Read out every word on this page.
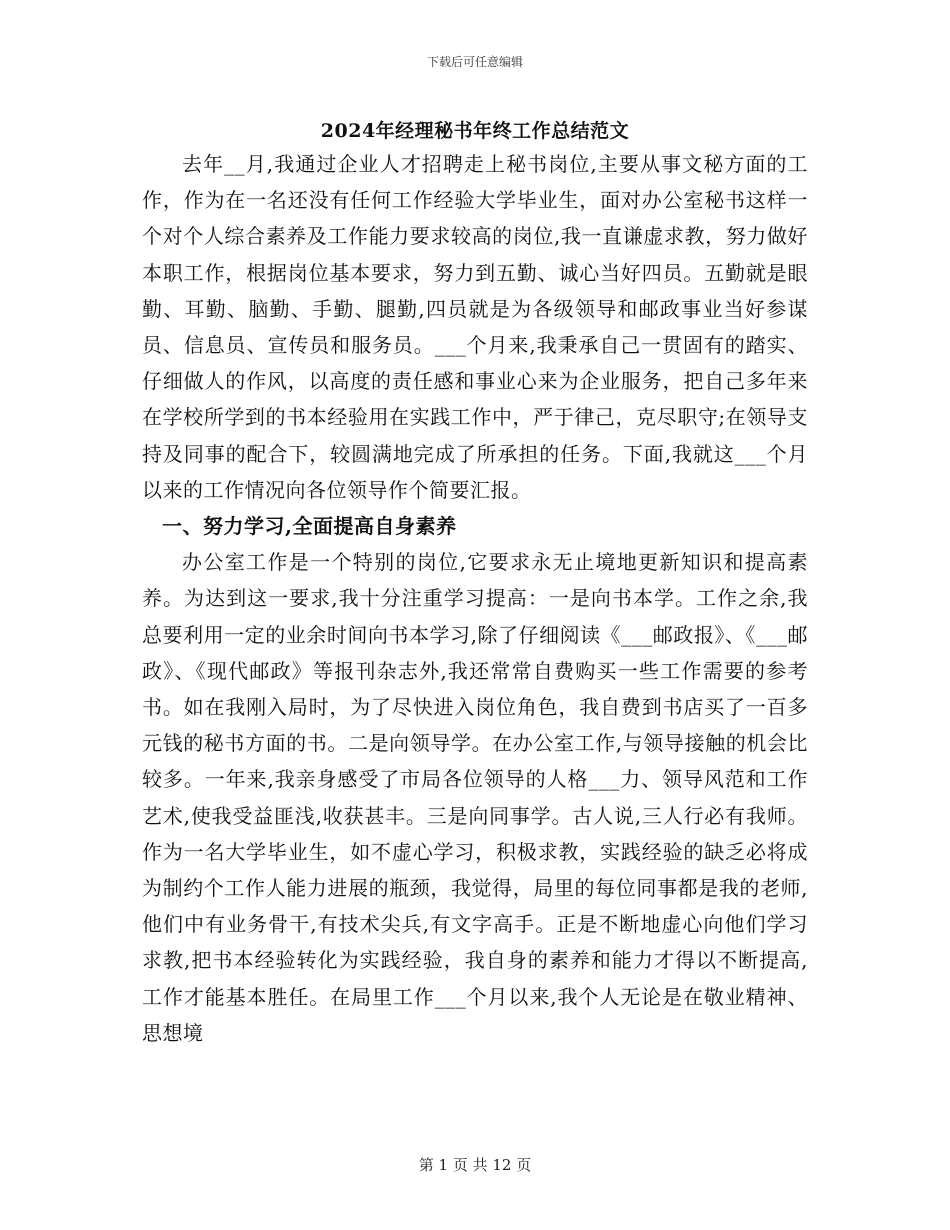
下载后可任意编辑
2024年经理秘书年终工作总结范文

去年__月,我通过企业人才招聘走上秘书岗位,主要从事文秘方面的工作，作为在一名还没有任何工作经验大学毕业生，面对办公室秘书这样一个对个人综合素养及工作能力要求较高的岗位,我一直谦虚求教，努力做好本职工作，根据岗位基本要求，努力到五勤、诚心当好四员。五勤就是眼勤、耳勤、脑勤、手勤、腿勤,四员就是为各级领导和邮政事业当好参谋员、信息员、宣传员和服务员。___个月来,我秉承自己一贯固有的踏实、仔细做人的作风，以高度的责任感和事业心来为企业服务，把自己多年来在学校所学到的书本经验用在实践工作中，严于律己，克尽职守;在领导支持及同事的配合下，较圆满地完成了所承担的任务。下面,我就这___个月以来的工作情况向各位领导作个简要汇报。

一、努力学习,全面提高自身素养

办公室工作是一个特别的岗位,它要求永无止境地更新知识和提高素养。为达到这一要求,我十分注重学习提高：一是向书本学。工作之余,我总要利用一定的业余时间向书本学习,除了仔细阅读《___邮政报》、《___邮政》、《现代邮政》等报刊杂志外,我还常常自费购买一些工作需要的参考书。如在我刚入局时，为了尽快进入岗位角色，我自费到书店买了一百多元钱的秘书方面的书。二是向领导学。在办公室工作,与领导接触的机会比较多。一年来,我亲身感受了市局各位领导的人格___力、领导风范和工作艺术,使我受益匪浅,收获甚丰。三是向同事学。古人说,三人行必有我师。作为一名大学毕业生，如不虚心学习，积极求教，实践经验的缺乏必将成为制约个工作人能力进展的瓶颈，我觉得，局里的每位同事都是我的老师,他们中有业务骨干,有技术尖兵,有文字高手。正是不断地虚心向他们学习求教,把书本经验转化为实践经验，我自身的素养和能力才得以不断提高,工作才能基本胜任。在局里工作___个月以来,我个人无论是在敬业精神、思想境

第 1 页 共 12 页
